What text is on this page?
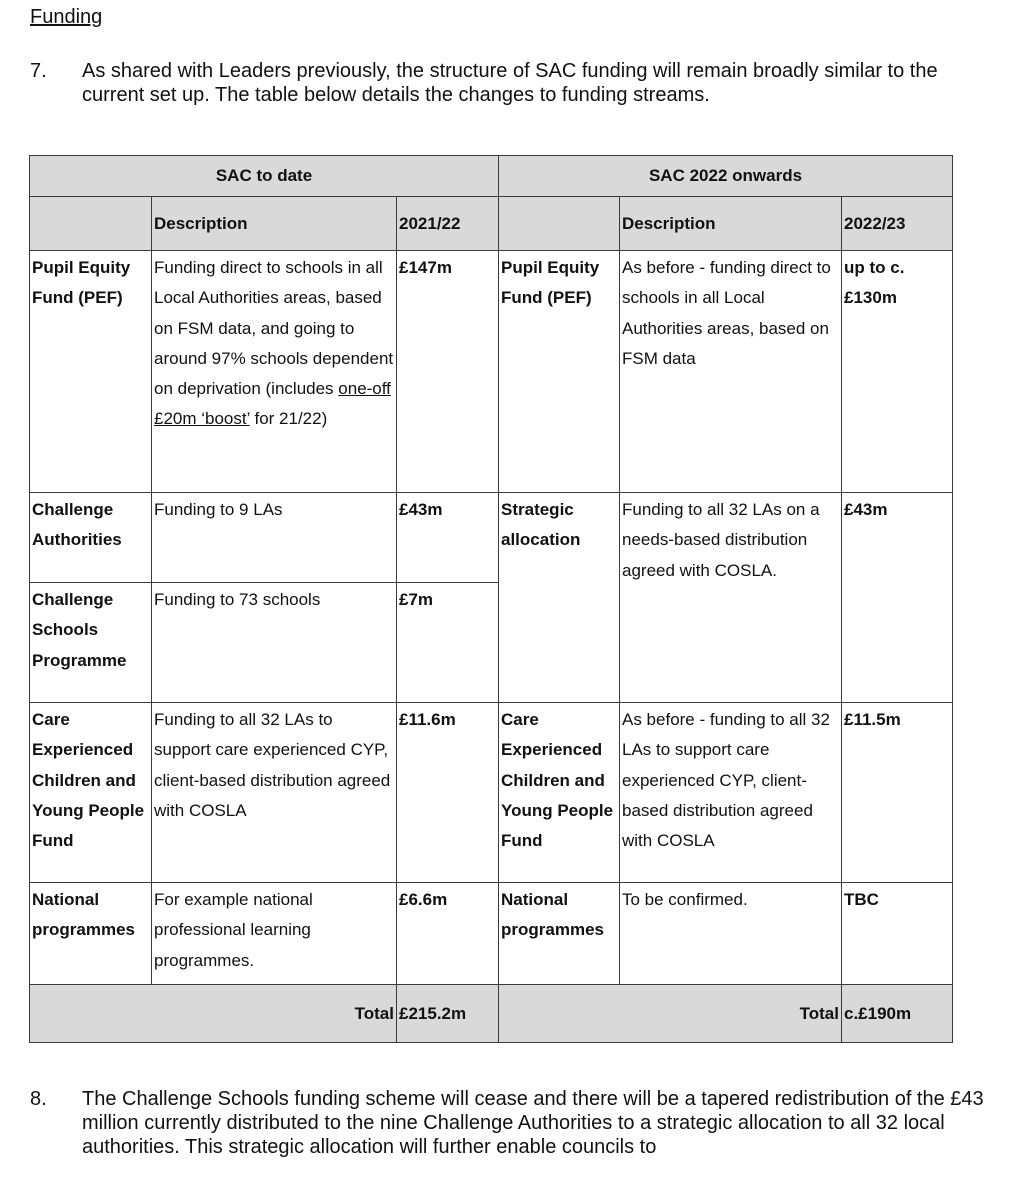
Funding
7. As shared with Leaders previously, the structure of SAC funding will remain broadly similar to the current set up. The table below details the changes to funding streams.
SAC to date			SAC 2022 onwards		
	Description	2021/22		Description	2022/23
Pupil Equity Fund (PEF)	Funding direct to schools in all Local Authorities areas, based on FSM data, and going to around 97% schools dependent on deprivation (includes one-off £20m ‘boost’ for 21/22)	£147m	Pupil Equity Fund (PEF)	As before - funding direct to schools in all Local Authorities areas, based on FSM data	up to c. £130m
Challenge Authorities	Funding to 9 LAs	£43m	Strategic allocation	Funding to all 32 LAs on a needs-based distribution agreed with COSLA.	£43m
Challenge Schools Programme	Funding to 73 schools	£7m			
Care Experienced Children and Young People Fund	Funding to all 32 LAs to support care experienced CYP, client-based distribution agreed with COSLA	£11.6m	Care Experienced Children and Young People Fund	As before - funding to all 32 LAs to support care experienced CYP, client-based distribution agreed with COSLA	£11.5m
National programmes	For example national professional learning programmes.	£6.6m	National programmes	To be confirmed.	TBC
Total		£215.2m	Total		c.£190m
8. The Challenge Schools funding scheme will cease and there will be a tapered redistribution of the £43 million currently distributed to the nine Challenge Authorities to a strategic allocation to all 32 local authorities. This strategic allocation will further enable councils to
